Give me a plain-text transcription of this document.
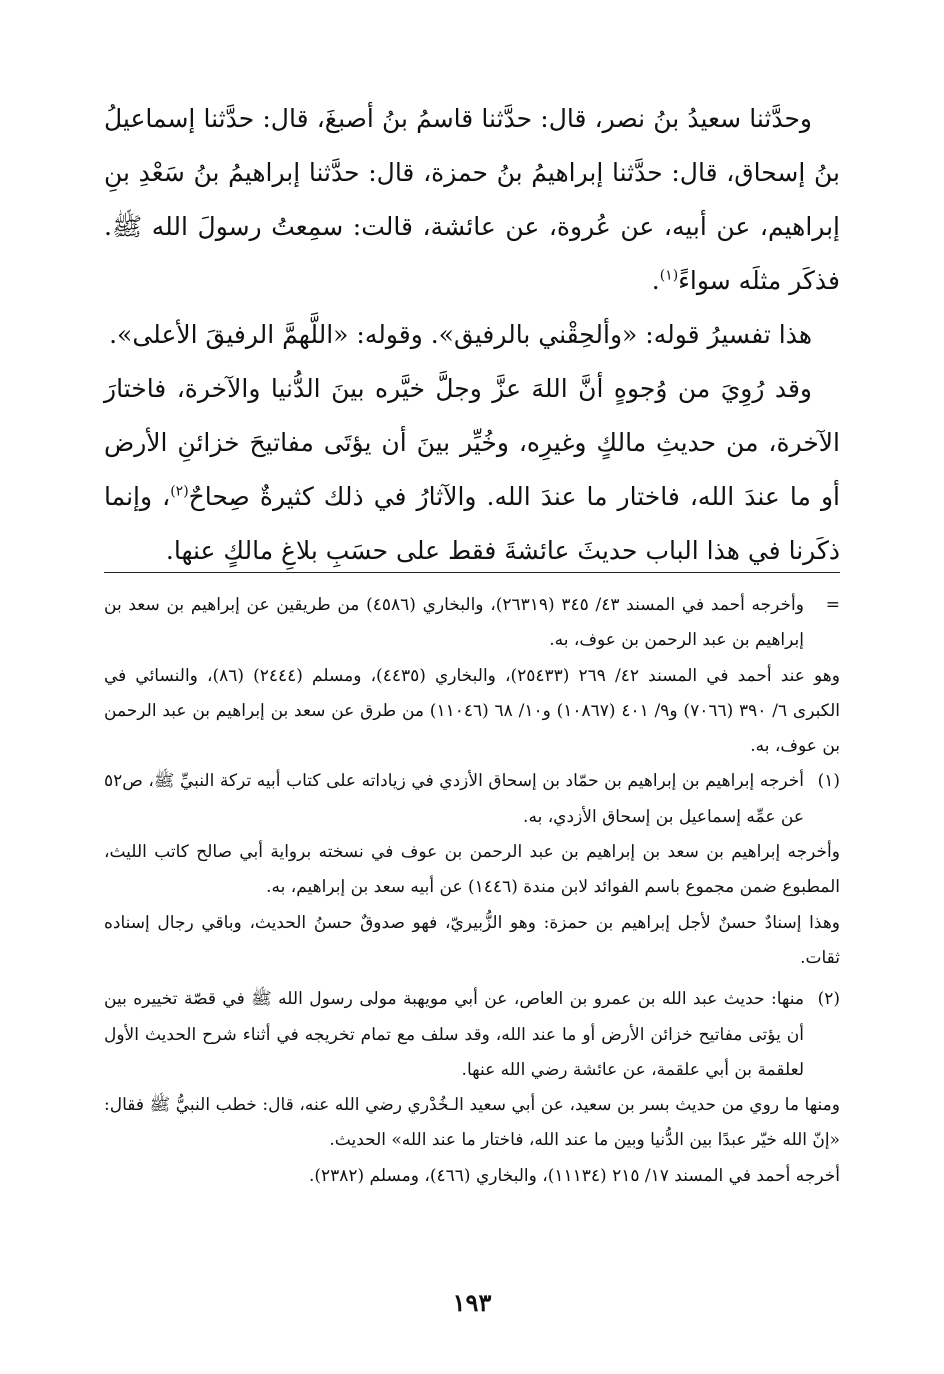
وحدَّثنا سعيدُ بنُ نصر، قال: حدَّثنا قاسمُ بنُ أصبغَ، قال: حدَّثنا إسماعيلُ بنُ إسحاق، قال: حدَّثنا إبراهيمُ بنُ حمزة، قال: حدَّثنا إبراهيمُ بنُ سَعْدِ بنِ إبراهيم، عن أبيه، عن عُروة، عن عائشة، قالت: سمِعتُ رسولَ الله ﷺ. فذكَر مثلَه سواءً$^{(١)}$.

هذا تفسيرُ قوله: «وألحِقْني بالرفيق». وقوله: «اللَّهمَّ الرفيقَ الأعلى».

وقد رُوِيَ من وُجوهٍ أنَّ اللهَ عزَّ وجلَّ خيَّره بينَ الدُّنيا والآخرة، فاختارَ الآخرة، من حديثِ مالكٍ وغيرِه، وخُيِّر بينَ أن يؤتَى مفاتيحَ خزائنِ الأرض أو ما عندَ الله، فاختار ما عندَ الله. والآثارُ في ذلك كثيرةٌ صِحاحٌ$^{(٢)}$، وإنما ذكَرنا في هذا الباب حديثَ عائشةَ فقط على حسَبِ بلاغِ مالكٍ عنها.

=

وأخرجه أحمد في المسند ٤٣/ ٣٤٥ (٢٦٣١٩)، والبخاري (٤٥٨٦) من طريقين عن إبراهيم بن سعد بن إبراهيم بن عبد الرحمن بن عوف، به.

وهو عند أحمد في المسند ٤٢/ ٢٦٩ (٢٥٤٣٣)، والبخاري (٤٤٣٥)، ومسلم (٢٤٤٤) (٨٦)، والنسائي في الكبرى ٦/ ٣٩٠ (٧٠٦٦) و٩/ ٤٠١ (١٠٨٦٧) و١٠/ ٦٨ (١١٠٤٦) من طرق عن سعد بن إبراهيم بن عبد الرحمن بن عوف، به.

(١)

أخرجه إبراهيم بن إبراهيم بن حمّاد بن إسحاق الأزدي في زياداته على كتاب أبيه تركة النبيِّ ﷺ، ص٥٢ عن عمِّه إسماعيل بن إسحاق الأزدي، به.

وأخرجه إبراهيم بن سعد بن إبراهيم بن عبد الرحمن بن عوف في نسخته برواية أبي صالح كاتب الليث، المطبوع ضمن مجموع باسم الفوائد لابن مندة (١٤٤٦) عن أبيه سعد بن إبراهيم، به.

وهذا إسنادٌ حسنٌ لأجل إبراهيم بن حمزة: وهو الزُّبيريّ، فهو صدوقٌ حسنُ الحديث، وباقي رجال إسناده ثقات.

(٢)

منها: حديث عبد الله بن عمرو بن العاص، عن أبي مويهبة مولى رسول الله ﷺ في قصّة تخييره بين أن يؤتى مفاتيح خزائن الأرض أو ما عند الله، وقد سلف مع تمام تخريجه في أثناء شرح الحديث الأول لعلقمة بن أبي علقمة، عن عائشة رضي الله عنها.

ومنها ما روي من حديث بسر بن سعيد، عن أبي سعيد الـخُدْري رضي الله عنه، قال: خطب النبيُّ ﷺ فقال: «إنّ الله خيّر عبدًا بين الدُّنيا وبين ما عند الله، فاختار ما عند الله» الحديث.

أخرجه أحمد في المسند ١٧/ ٢١٥ (١١١٣٤)، والبخاري (٤٦٦)، ومسلم (٢٣٨٢).

١٩٣
